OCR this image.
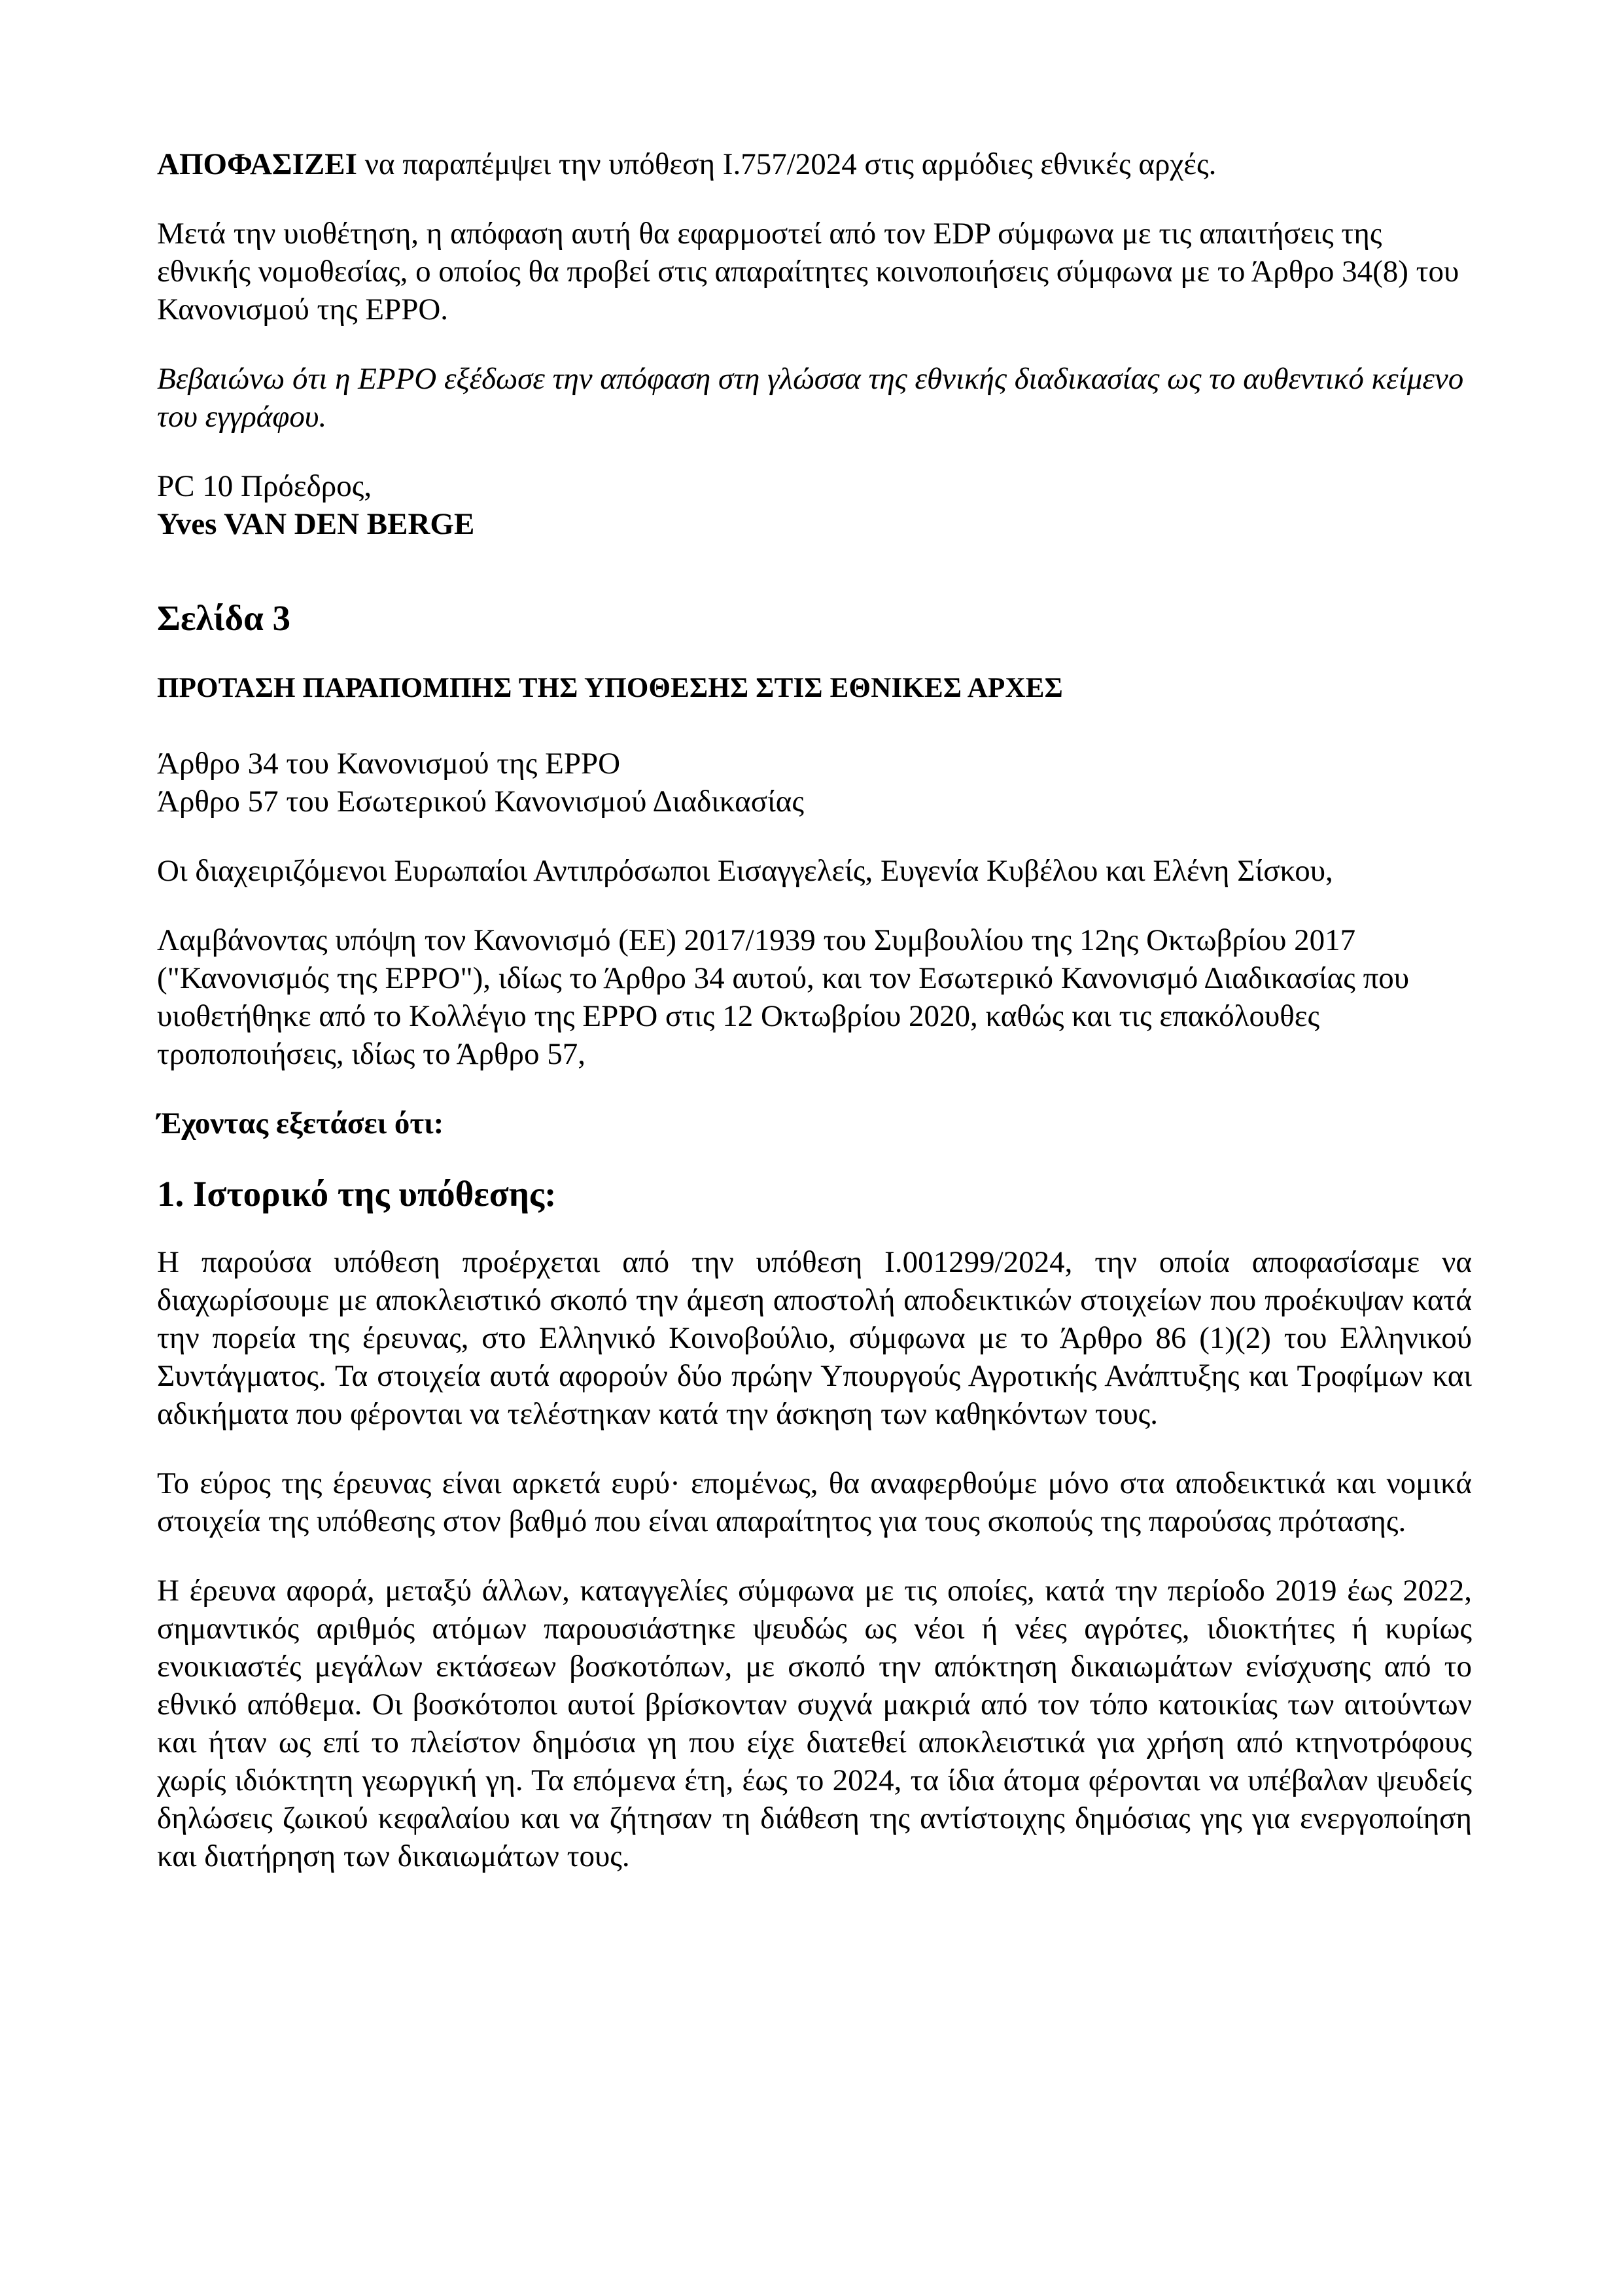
ΑΠΟΦΑΣΙΖΕΙ να παραπέμψει την υπόθεση I.757/2024 στις αρμόδιες εθνικές αρχές.

Μετά την υιοθέτηση, η απόφαση αυτή θα εφαρμοστεί από τον EDP σύμφωνα με τις απαιτήσεις της εθνικής νομοθεσίας, ο οποίος θα προβεί στις απαραίτητες κοινοποιήσεις σύμφωνα με το Άρθρο 34(8) του Κανονισμού της ΕPPO.

Βεβαιώνω ότι η EPPO εξέδωσε την απόφαση στη γλώσσα της εθνικής διαδικασίας ως το αυθεντικό κείμενο του εγγράφου.

PC 10 Πρόεδρος,

Yves VAN DEN BERGE

Σελίδα 3
ΠΡΟΤΑΣΗ ΠΑΡΑΠΟΜΠΗΣ ΤΗΣ ΥΠΟΘΕΣΗΣ ΣΤΙΣ ΕΘΝΙΚΕΣ ΑΡΧΕΣ

Άρθρο 34 του Κανονισμού της EPPO

Άρθρο 57 του Εσωτερικού Κανονισμού Διαδικασίας

Οι διαχειριζόμενοι Ευρωπαίοι Αντιπρόσωποι Εισαγγελείς, Ευγενία Κυβέλου και Ελένη Σίσκου,

Λαμβάνοντας υπόψη τον Κανονισμό (ΕΕ) 2017/1939 του Συμβουλίου της 12ης Οκτωβρίου 2017 ("Κανονισμός της EPPO"), ιδίως το Άρθρο 34 αυτού, και τον Εσωτερικό Κανονισμό Διαδικασίας που υιοθετήθηκε από το Κολλέγιο της EPPO στις 12 Οκτωβρίου 2020, καθώς και τις επακόλουθες τροποποιήσεις, ιδίως το Άρθρο 57,

Έχοντας εξετάσει ότι:

1. Ιστορικό της υπόθεσης:

Η παρούσα υπόθεση προέρχεται από την υπόθεση I.001299/2024, την οποία αποφασίσαμε να διαχωρίσουμε με αποκλειστικό σκοπό την άμεση αποστολή αποδεικτικών στοιχείων που προέκυψαν κατά την πορεία της έρευνας, στο Ελληνικό Κοινοβούλιο, σύμφωνα με το Άρθρο 86 (1)(2) του Ελληνικού Συντάγματος. Τα στοιχεία αυτά αφορούν δύο πρώην Υπουργούς Αγροτικής Ανάπτυξης και Τροφίμων και αδικήματα που φέρονται να τελέστηκαν κατά την άσκηση των καθηκόντων τους.

Το εύρος της έρευνας είναι αρκετά ευρύ· επομένως, θα αναφερθούμε μόνο στα αποδεικτικά και νομικά στοιχεία της υπόθεσης στον βαθμό που είναι απαραίτητος για τους σκοπούς της παρούσας πρότασης.

Η έρευνα αφορά, μεταξύ άλλων, καταγγελίες σύμφωνα με τις οποίες, κατά την περίοδο 2019 έως 2022, σημαντικός αριθμός ατόμων παρουσιάστηκε ψευδώς ως νέοι ή νέες αγρότες, ιδιοκτήτες ή κυρίως ενοικιαστές μεγάλων εκτάσεων βοσκοτόπων, με σκοπό την απόκτηση δικαιωμάτων ενίσχυσης από το εθνικό απόθεμα. Οι βοσκότοποι αυτοί βρίσκονταν συχνά μακριά από τον τόπο κατοικίας των αιτούντων και ήταν ως επί το πλείστον δημόσια γη που είχε διατεθεί αποκλειστικά για χρήση από κτηνοτρόφους χωρίς ιδιόκτητη γεωργική γη. Τα επόμενα έτη, έως το 2024, τα ίδια άτομα φέρονται να υπέβαλαν ψευδείς δηλώσεις ζωικού κεφαλαίου και να ζήτησαν τη διάθεση της αντίστοιχης δημόσιας γης για ενεργοποίηση και διατήρηση των δικαιωμάτων τους.
